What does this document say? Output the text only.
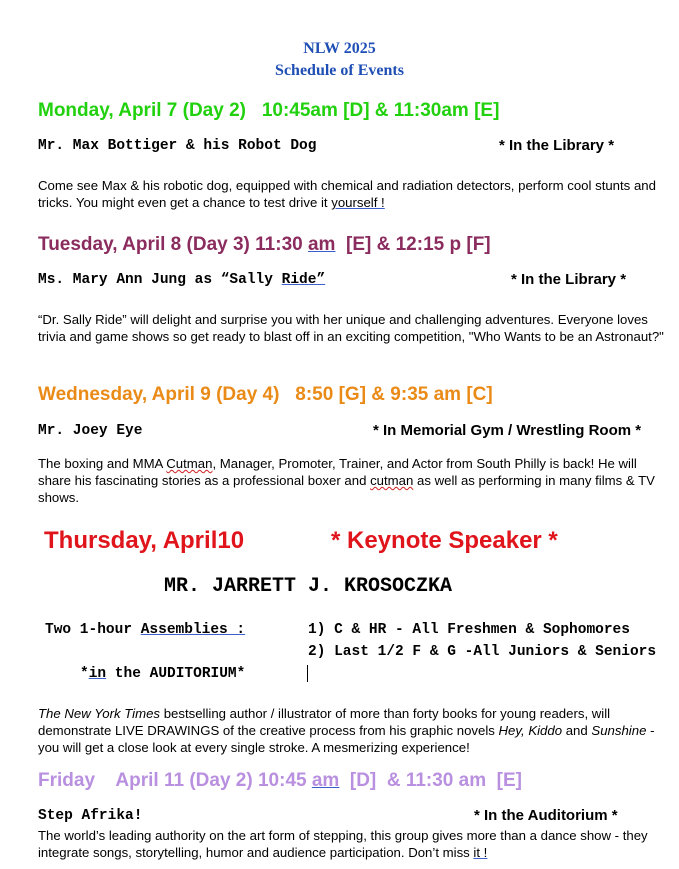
NLW 2025
Schedule of Events
Monday, April 7 (Day 2)   10:45am [D] & 11:30am [E]
Mr. Max Bottiger & his Robot Dog	* In the Library *
Come see Max & his robotic dog, equipped with chemical and radiation detectors, perform cool stunts and tricks. You might even get a chance to test drive it yourself !
Tuesday, April 8 (Day 3) 11:30 am  [E] & 12:15 p [F]
Ms. Mary Ann Jung as “Sally Ride”	* In the Library *
“Dr. Sally Ride” will delight and surprise you with her unique and challenging adventures. Everyone loves trivia and game shows so get ready to blast off in an exciting competition, "Who Wants to be an Astronaut?"
Wednesday, April 9 (Day 4)   8:50 [G] & 9:35 am [C]
Mr. Joey Eye	* In Memorial Gym / Wrestling Room *
The boxing and MMA Cutman, Manager, Promoter, Trainer, and Actor from South Philly is back! He will share his fascinating stories as a professional boxer and cutman as well as performing in many films & TV shows.
Thursday, April10	* Keynote Speaker *
MR. JARRETT J. KROSOCZKA
Two 1-hour Assemblies :	1) C & HR - All Freshmen & Sophomores
2) Last 1/2 F & G -All Juniors & Seniors
*in the AUDITORIUM*
The New York Times bestselling author / illustrator of more than forty books for young readers, will demonstrate LIVE DRAWINGS of the creative process from his graphic novels Hey, Kiddo and Sunshine - you will get a close look at every single stroke. A mesmerizing experience!
Friday    April 11 (Day 2) 10:45 am  [D]  & 11:30 am  [E]
Step Afrika!	* In the Auditorium *
The world’s leading authority on the art form of stepping, this group gives more than a dance show - they integrate songs, storytelling, humor and audience participation. Don’t miss it !
